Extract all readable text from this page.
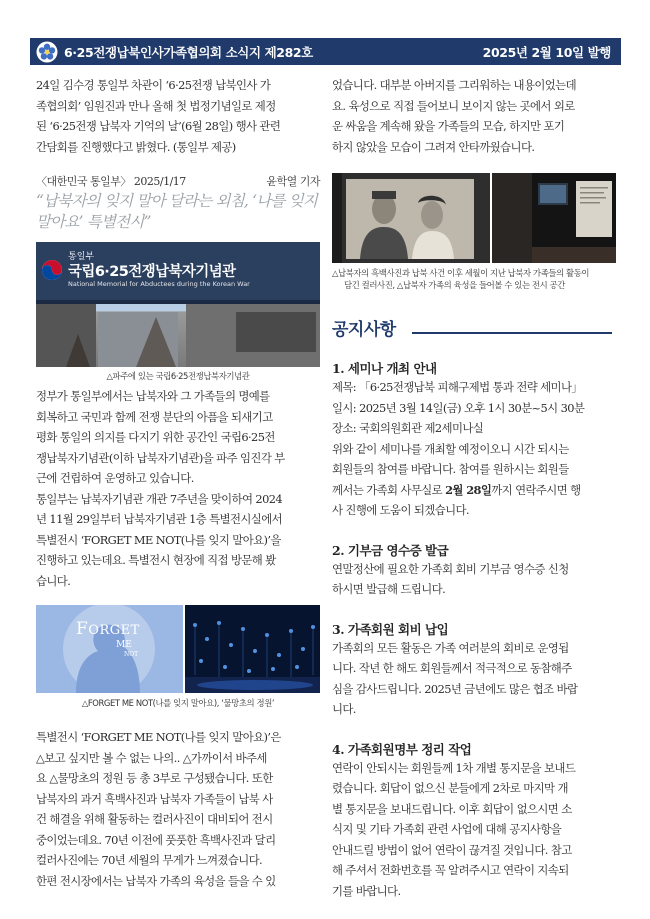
6·25전쟁납북인사가족협의회 소식지 제282호	2025년 2월 10일 발행

24일 김수경 통일부 차관이 ‘6·25전쟁 납북인사 가

족협의회’ 임원진과 만나 올해 첫 법정기념일로 제정

된 ‘6·25전쟁 납북자 기억의 날’(6월 28일) 행사 관련

간담회를 진행했다고 밝혔다. (통일부 제공)

〈대한민국 통일부〉 2025/1/17	윤학열 기자
“납북자의 잊지 말아 달라는 외침, ‘나를 잊지 말아요’ 특별전시”
통일부
국립6·25전쟁납북자기념관
National Memorial for Abductees during the Korean War
△파주에 있는 국립6·25전쟁납북자기념관

정부가 통일부에서는 납북자와 그 가족들의 명예를

회복하고 국민과 함께 전쟁 분단의 아픔을 되새기고

평화 통일의 의지를 다지기 위한 공간인 국립6·25전

쟁납북자기념관(이하 납북자기념관)을 파주 임진각 부

근에 건립하여 운영하고 있습니다.

통일부는 납북자기념관 개관 7주년을 맞이하여 2024

년 11월 29일부터 납북자기념관 1층 특별전시실에서

특별전시 ‘FORGET ME NOT(나를 잊지 말아요)’을

진행하고 있는데요. 특별전시 현장에 직접 방문해 봤

습니다.

FORGET
ME
NOT
△FORGET ME NOT(나를 잊지 말아요), ‘물망초의 정원’

특별전시 ‘FORGET ME NOT(나를 잊지 말아요)’은

△보고 싶지만 볼 수 없는 나의.. △가까이서 바주세

요 △물망초의 정원 등 총 3부로 구성됐습니다. 또한

납북자의 과거 흑백사진과 납북자 가족들이 납북 사

건 해결을 위해 활동하는 컬러사진이 대비되어 전시

중이었는데요. 70년 이전에 풋풋한 흑백사진과 달리

컬러사진에는 70년 세월의 무게가 느껴졌습니다.

한편 전시장에서는 납북자 가족의 육성을 들을 수 있

었습니다. 대부분 아버지를 그리워하는 내용이었는데

요. 육성으로 직접 들어보니 보이지 않는 곳에서 외로

운 싸움을 계속해 왔을 가족들의 모습, 하지만 포기

하지 않았을 모습이 그려져 안타까웠습니다.

△납북자의 흑백사진과 납북 사건 이후 세월이 지난 납북자 가족들의 활동이
담긴 컬러사진, △납북자 가족의 육성을 들어볼 수 있는 전시 공간
공지사항
1. 세미나 개최 안내

제목: 「6·25전쟁납북 피해구제법 통과 전략 세미나」

일시: 2025년 3월 14일(금) 오후 1시 30분~5시 30분

장소: 국회의원회관 제2세미나실

위와 같이 세미나를 개최할 예정이오니 시간 되시는

회원들의 참여를 바랍니다. 참여를 원하시는 회원들

께서는 가족회 사무실로 2월 28일까지 연락주시면 행

사 진행에 도움이 되겠습니다.

2. 기부금 영수증 발급

연말정산에 필요한 가족회 회비 기부금 영수증 신청

하시면 발급해 드립니다.

3. 가족회원 회비 납입

가족회의 모든 활동은 가족 여러분의 회비로 운영됩

니다. 작년 한 해도 회원들께서 적극적으로 동참해주

심을 감사드립니다. 2025년 금년에도 많은 협조 바랍

니다.

4. 가족회원명부 정리 작업

연락이 안되시는 회원들께 1차 개별 통지문을 보내드

렸습니다. 회답이 없으신 분들에게 2차로 마지막 개

별 통지문을 보내드립니다. 이후 회답이 없으시면 소

식지 및 기타 가족회 관련 사업에 대해 공지사항을

안내드릴 방법이 없어 연락이 끊겨질 것입니다. 참고

해 주셔서 전화번호를 꼭 알려주시고 연락이 지속되

기를 바랍니다.
